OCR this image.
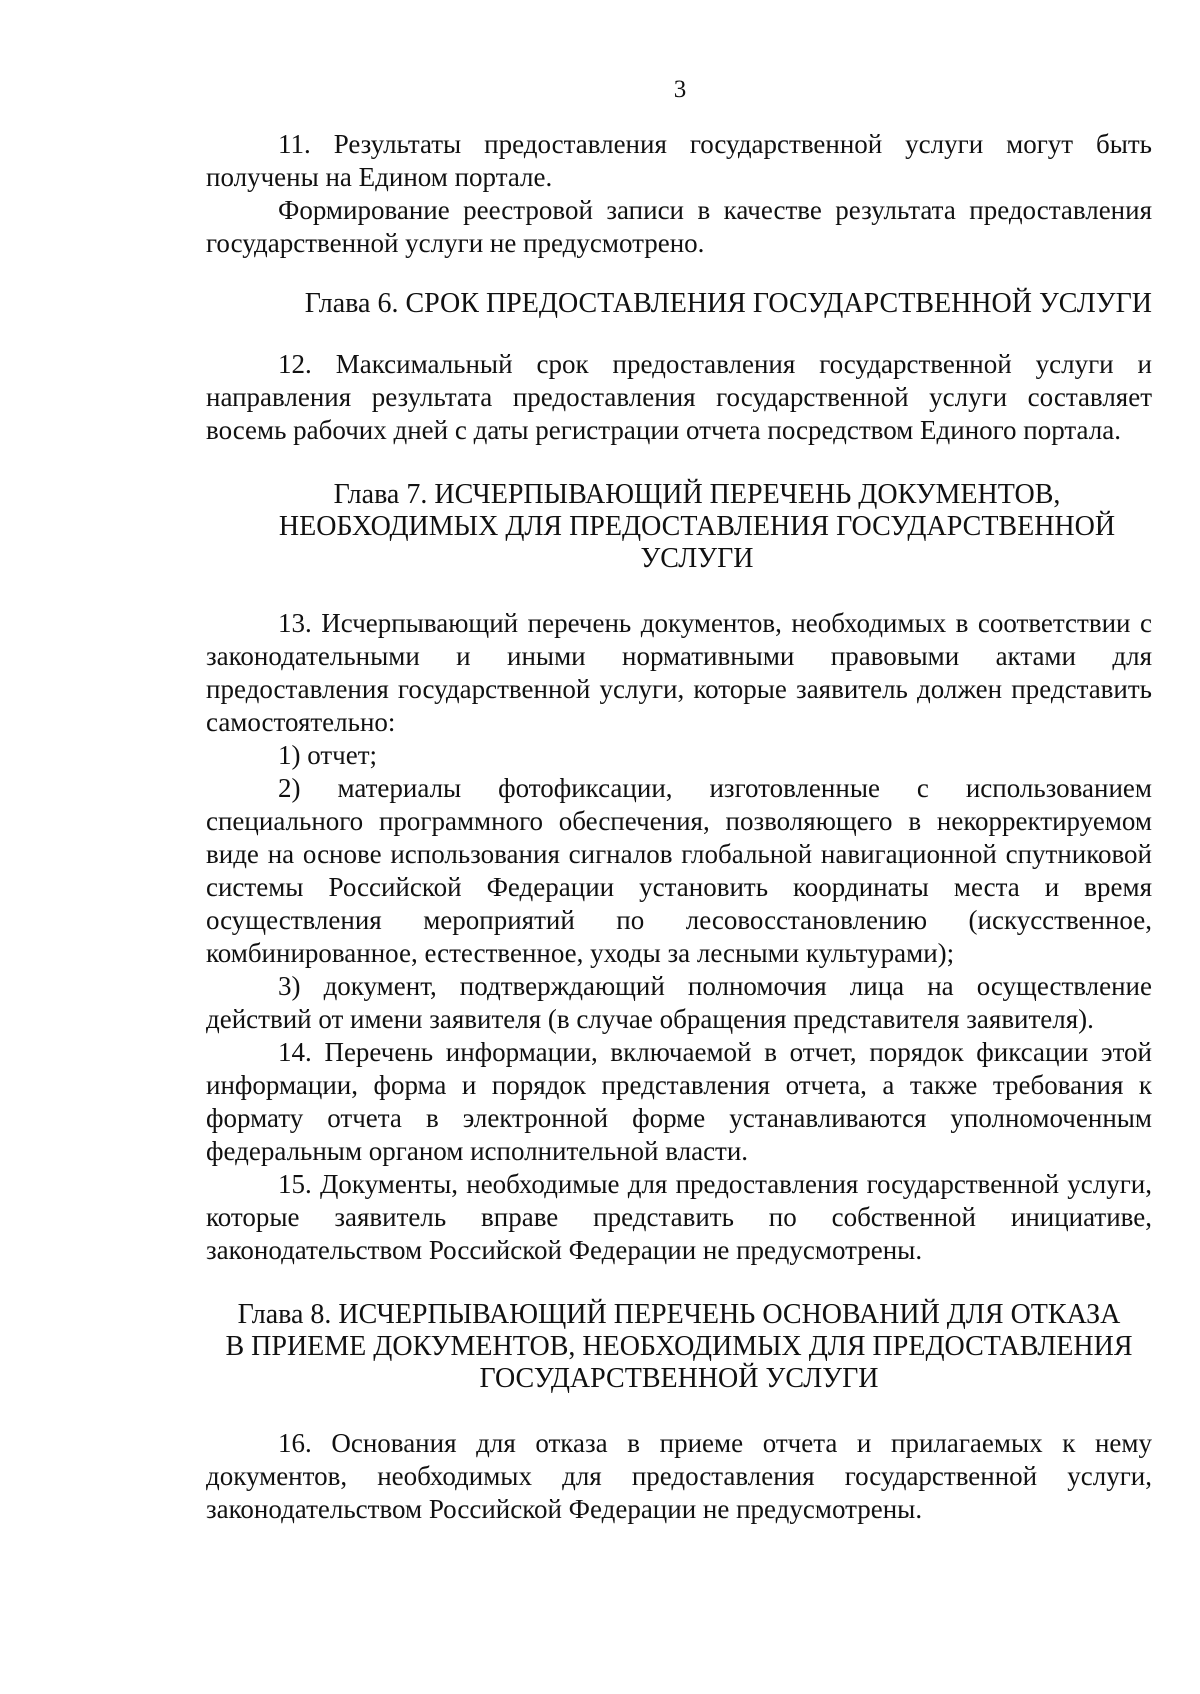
3

11. Результаты предоставления государственной услуги могут быть получены на Едином портале.

Формирование реестровой записи в качестве результата предоставления государственной услуги не предусмотрено.

Глава 6. СРОК ПРЕДОСТАВЛЕНИЯ ГОСУДАРСТВЕННОЙ УСЛУГИ

12. Максимальный срок предоставления государственной услуги и направления результата предоставления государственной услуги составляет восемь рабочих дней с даты регистрации отчета посредством Единого портала.

Глава 7. ИСЧЕРПЫВАЮЩИЙ ПЕРЕЧЕНЬ ДОКУМЕНТОВ,
НЕОБХОДИМЫХ ДЛЯ ПРЕДОСТАВЛЕНИЯ ГОСУДАРСТВЕННОЙ
УСЛУГИ

13. Исчерпывающий перечень документов, необходимых в соответствии с законодательными и иными нормативными правовыми актами для предоставления государственной услуги, которые заявитель должен представить самостоятельно:

1) отчет;

2) материалы фотофиксации, изготовленные с использованием специального программного обеспечения, позволяющего в некорректируемом виде на основе использования сигналов глобальной навигационной спутниковой системы Российской Федерации установить координаты места и время осуществления мероприятий по лесовосстановлению (искусственное, комбинированное, естественное, уходы за лесными культурами);

3) документ, подтверждающий полномочия лица на осуществление действий от имени заявителя (в случае обращения представителя заявителя).

14. Перечень информации, включаемой в отчет, порядок фиксации этой информации, форма и порядок представления отчета, а также требования к формату отчета в электронной форме устанавливаются уполномоченным федеральным органом исполнительной власти.

15. Документы, необходимые для предоставления государственной услуги, которые заявитель вправе представить по собственной инициативе, законодательством Российской Федерации не предусмотрены.

Глава 8. ИСЧЕРПЫВАЮЩИЙ ПЕРЕЧЕНЬ ОСНОВАНИЙ ДЛЯ ОТКАЗА
В ПРИЕМЕ ДОКУМЕНТОВ, НЕОБХОДИМЫХ ДЛЯ ПРЕДОСТАВЛЕНИЯ
ГОСУДАРСТВЕННОЙ УСЛУГИ

16. Основания для отказа в приеме отчета и прилагаемых к нему документов, необходимых для предоставления государственной услуги, законодательством Российской Федерации не предусмотрены.
